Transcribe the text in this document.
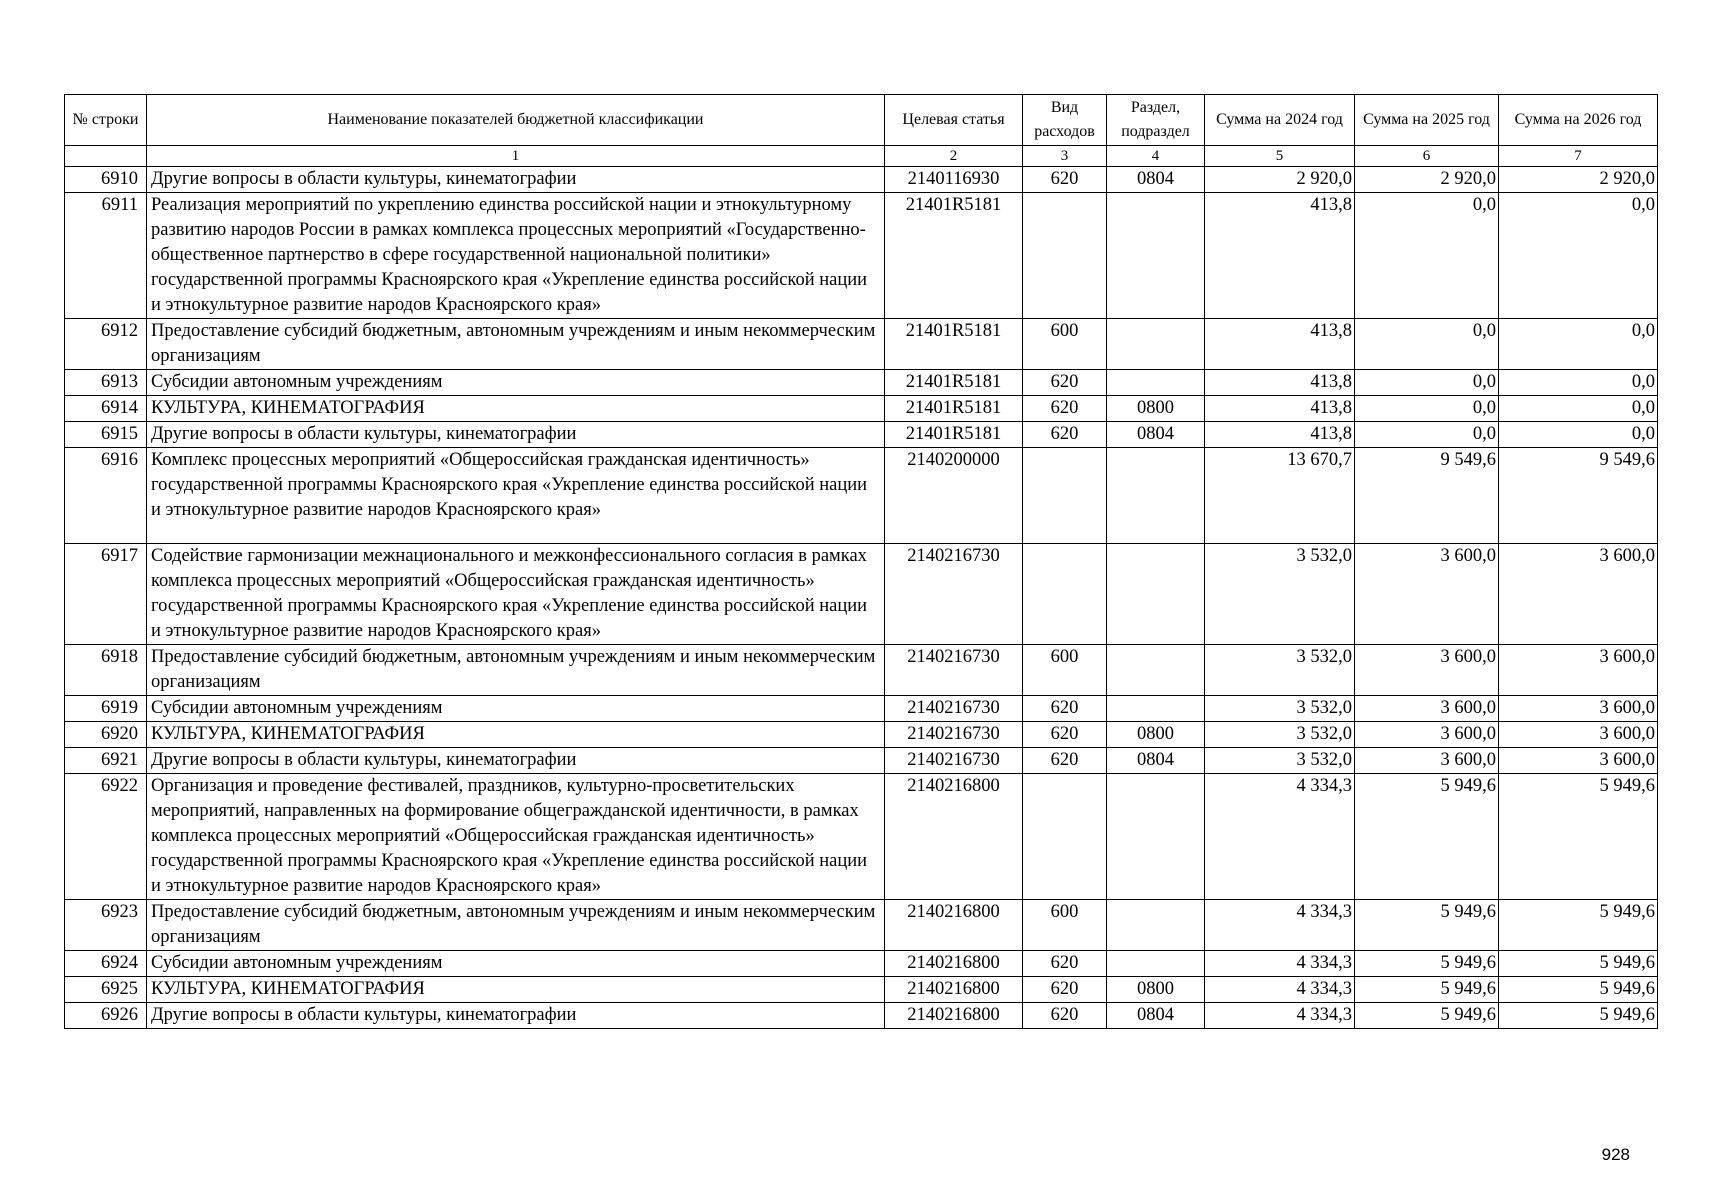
№ строки	Наименование показателей бюджетной классификации	Целевая статья	Вид расходов	Раздел, подраздел	Сумма на 2024 год	Сумма на 2025 год	Сумма на 2026 год
	1	2	3	4	5	6	7
6910	Другие вопросы в области культуры, кинематографии	2140116930	620	0804	2 920,0	2 920,0	2 920,0
6911	Реализация мероприятий по укреплению единства российской нации и этнокультурному развитию народов России в рамках комплекса процессных мероприятий «Государственно-общественное партнерство в сфере государственной национальной политики» государственной программы Красноярского края «Укрепление единства российской нации и этнокультурное развитие народов Красноярского края»	21401R5181			413,8	0,0	0,0
6912	Предоставление субсидий бюджетным, автономным учреждениям и иным некоммерческим организациям	21401R5181	600		413,8	0,0	0,0
6913	Субсидии автономным учреждениям	21401R5181	620		413,8	0,0	0,0
6914	КУЛЬТУРА, КИНЕМАТОГРАФИЯ	21401R5181	620	0800	413,8	0,0	0,0
6915	Другие вопросы в области культуры, кинематографии	21401R5181	620	0804	413,8	0,0	0,0
6916	Комплекс процессных мероприятий «Общероссийская гражданская идентичность» государственной программы Красноярского края «Укрепление единства российской нации и этнокультурное развитие народов Красноярского края»	2140200000			13 670,7	9 549,6	9 549,6
6917	Содействие гармонизации межнационального и межконфессионального согласия в рамках комплекса процессных мероприятий «Общероссийская гражданская идентичность» государственной программы Красноярского края «Укрепление единства российской нации и этнокультурное развитие народов Красноярского края»	2140216730			3 532,0	3 600,0	3 600,0
6918	Предоставление субсидий бюджетным, автономным учреждениям и иным некоммерческим организациям	2140216730	600		3 532,0	3 600,0	3 600,0
6919	Субсидии автономным учреждениям	2140216730	620		3 532,0	3 600,0	3 600,0
6920	КУЛЬТУРА, КИНЕМАТОГРАФИЯ	2140216730	620	0800	3 532,0	3 600,0	3 600,0
6921	Другие вопросы в области культуры, кинематографии	2140216730	620	0804	3 532,0	3 600,0	3 600,0
6922	Организация и проведение фестивалей, праздников, культурно-просветительских мероприятий, направленных на формирование общегражданской идентичности, в рамках комплекса процессных мероприятий «Общероссийская гражданская идентичность» государственной программы Красноярского края «Укрепление единства российской нации и этнокультурное развитие народов Красноярского края»	2140216800			4 334,3	5 949,6	5 949,6
6923	Предоставление субсидий бюджетным, автономным учреждениям и иным некоммерческим организациям	2140216800	600		4 334,3	5 949,6	5 949,6
6924	Субсидии автономным учреждениям	2140216800	620		4 334,3	5 949,6	5 949,6
6925	КУЛЬТУРА, КИНЕМАТОГРАФИЯ	2140216800	620	0800	4 334,3	5 949,6	5 949,6
6926	Другие вопросы в области культуры, кинематографии	2140216800	620	0804	4 334,3	5 949,6	5 949,6
928
